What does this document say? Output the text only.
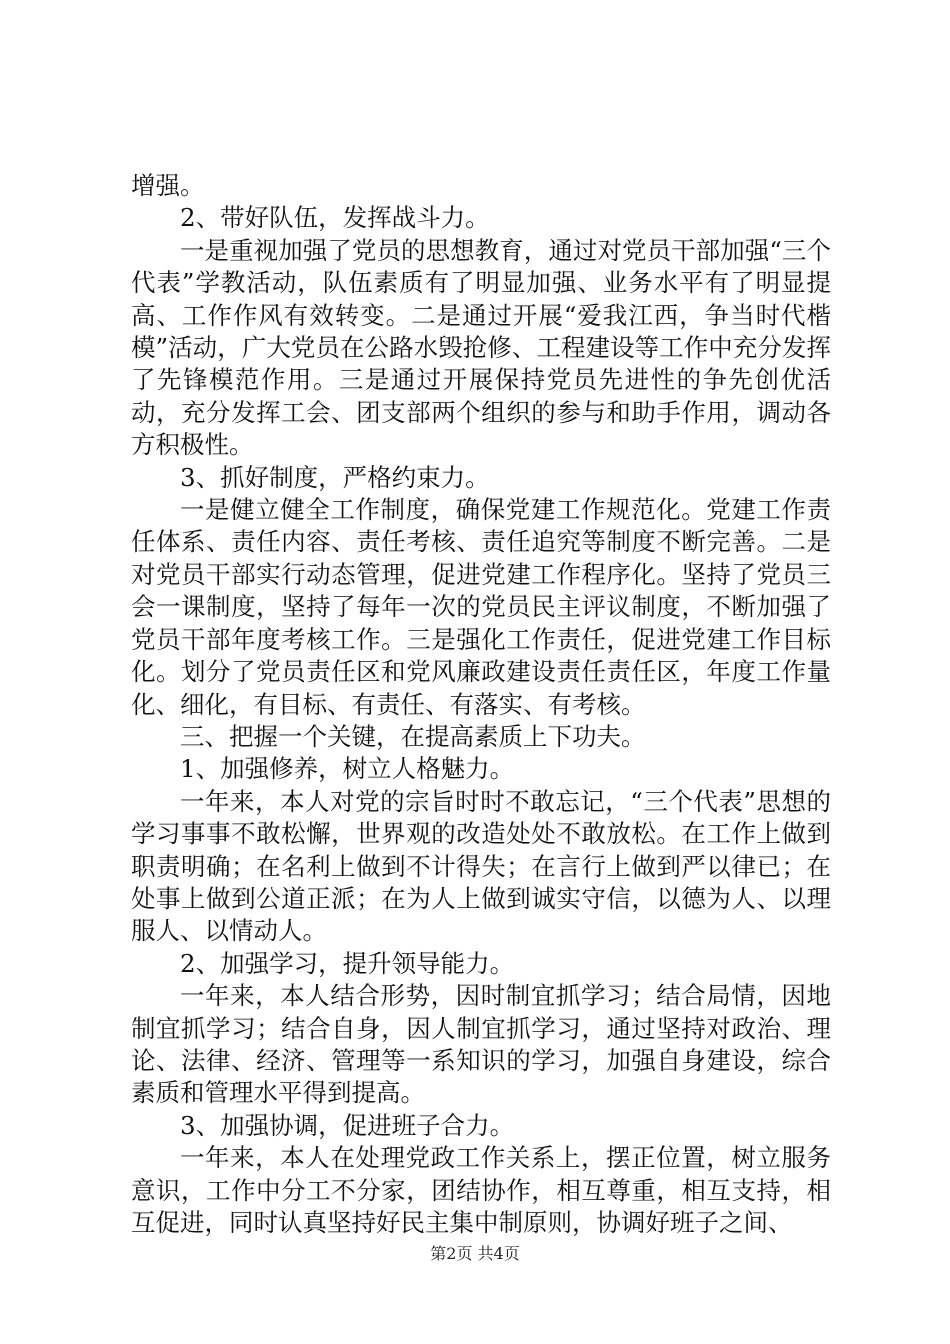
增强。

2、带好队伍，发挥战斗力。

一是重视加强了党员的思想教育，通过对党员干部加强“三个代表”学教活动，队伍素质有了明显加强、业务水平有了明显提高、工作作风有效转变。二是通过开展“爱我江西，争当时代楷模”活动，广大党员在公路水毁抢修、工程建设等工作中充分发挥了先锋模范作用。三是通过开展保持党员先进性的争先创优活动，充分发挥工会、团支部两个组织的参与和助手作用，调动各方积极性。

3、抓好制度，严格约束力。

一是健立健全工作制度，确保党建工作规范化。党建工作责任体系、责任内容、责任考核、责任追究等制度不断完善。二是对党员干部实行动态管理，促进党建工作程序化。坚持了党员三会一课制度，坚持了每年一次的党员民主评议制度，不断加强了党员干部年度考核工作。三是强化工作责任，促进党建工作目标化。划分了党员责任区和党风廉政建设责任责任区，年度工作量化、细化，有目标、有责任、有落实、有考核。

三、把握一个关键，在提高素质上下功夫。

1、加强修养，树立人格魅力。

一年来，本人对党的宗旨时时不敢忘记，“三个代表”思想的学习事事不敢松懈，世界观的改造处处不敢放松。在工作上做到职责明确；在名利上做到不计得失；在言行上做到严以律已；在处事上做到公道正派；在为人上做到诚实守信，以德为人、以理服人、以情动人。

2、加强学习，提升领导能力。

一年来，本人结合形势，因时制宜抓学习；结合局情，因地制宜抓学习；结合自身，因人制宜抓学习，通过坚持对政治、理论、法律、经济、管理等一系知识的学习，加强自身建设，综合素质和管理水平得到提高。

3、加强协调，促进班子合力。

一年来，本人在处理党政工作关系上，摆正位置，树立服务意识，工作中分工不分家，团结协作，相互尊重，相互支持，相互促进，同时认真坚持好民主集中制原则，协调好班子之间、

第2页 共4页
